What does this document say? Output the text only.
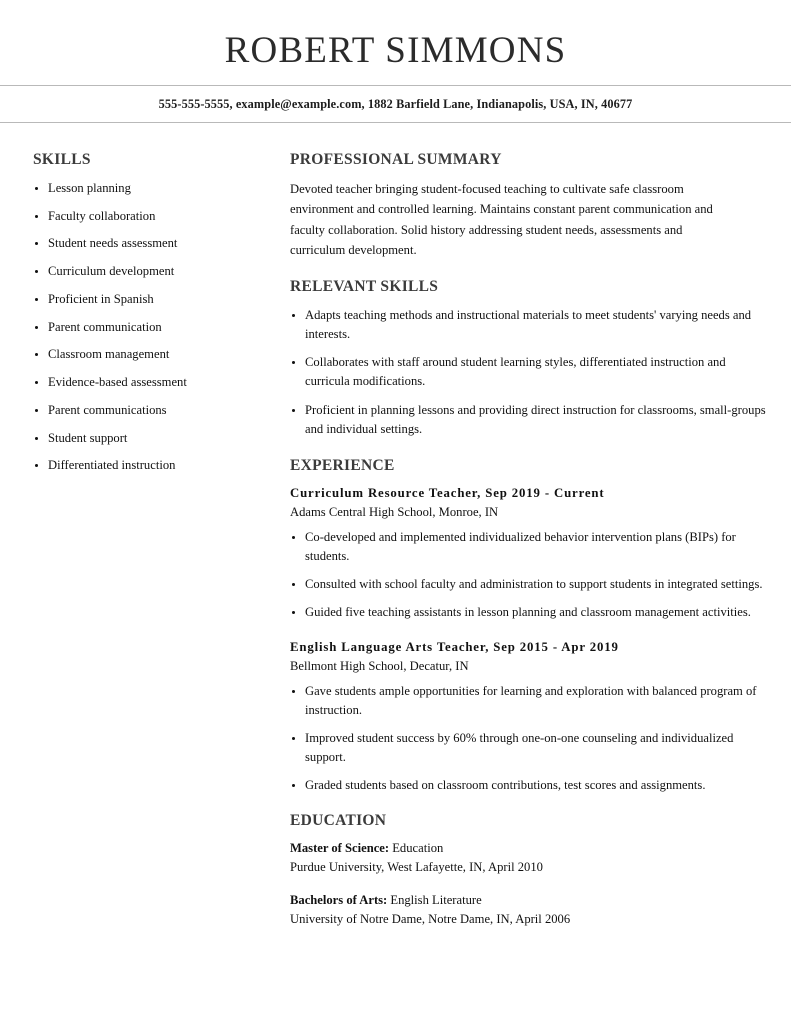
ROBERT SIMMONS
555-555-5555, example@example.com, 1882 Barfield Lane, Indianapolis, USA, IN, 40677
SKILLS
Lesson planning
Faculty collaboration
Student needs assessment
Curriculum development
Proficient in Spanish
Parent communication
Classroom management
Evidence-based assessment
Parent communications
Student support
Differentiated instruction
PROFESSIONAL SUMMARY

Devoted teacher bringing student-focused teaching to cultivate safe classroom environment and controlled learning. Maintains constant parent communication and faculty collaboration. Solid history addressing student needs, assessments and curriculum development.

RELEVANT SKILLS
Adapts teaching methods and instructional materials to meet students' varying needs and interests.
Collaborates with staff around student learning styles, differentiated instruction and curricula modifications.
Proficient in planning lessons and providing direct instruction for classrooms, small-groups and individual settings.
EXPERIENCE

Curriculum Resource Teacher, Sep 2019 - Current

Adams Central High School, Monroe, IN

Co-developed and implemented individualized behavior intervention plans (BIPs) for students.
Consulted with school faculty and administration to support students in integrated settings.
Guided five teaching assistants in lesson planning and classroom management activities.

English Language Arts Teacher, Sep 2015 - Apr 2019

Bellmont High School, Decatur, IN

Gave students ample opportunities for learning and exploration with balanced program of instruction.
Improved student success by 60% through one-on-one counseling and individualized support.
Graded students based on classroom contributions, test scores and assignments.
EDUCATION

Master of Science: Education

Purdue University, West Lafayette, IN, April 2010

Bachelors of Arts: English Literature

University of Notre Dame, Notre Dame, IN, April 2006
